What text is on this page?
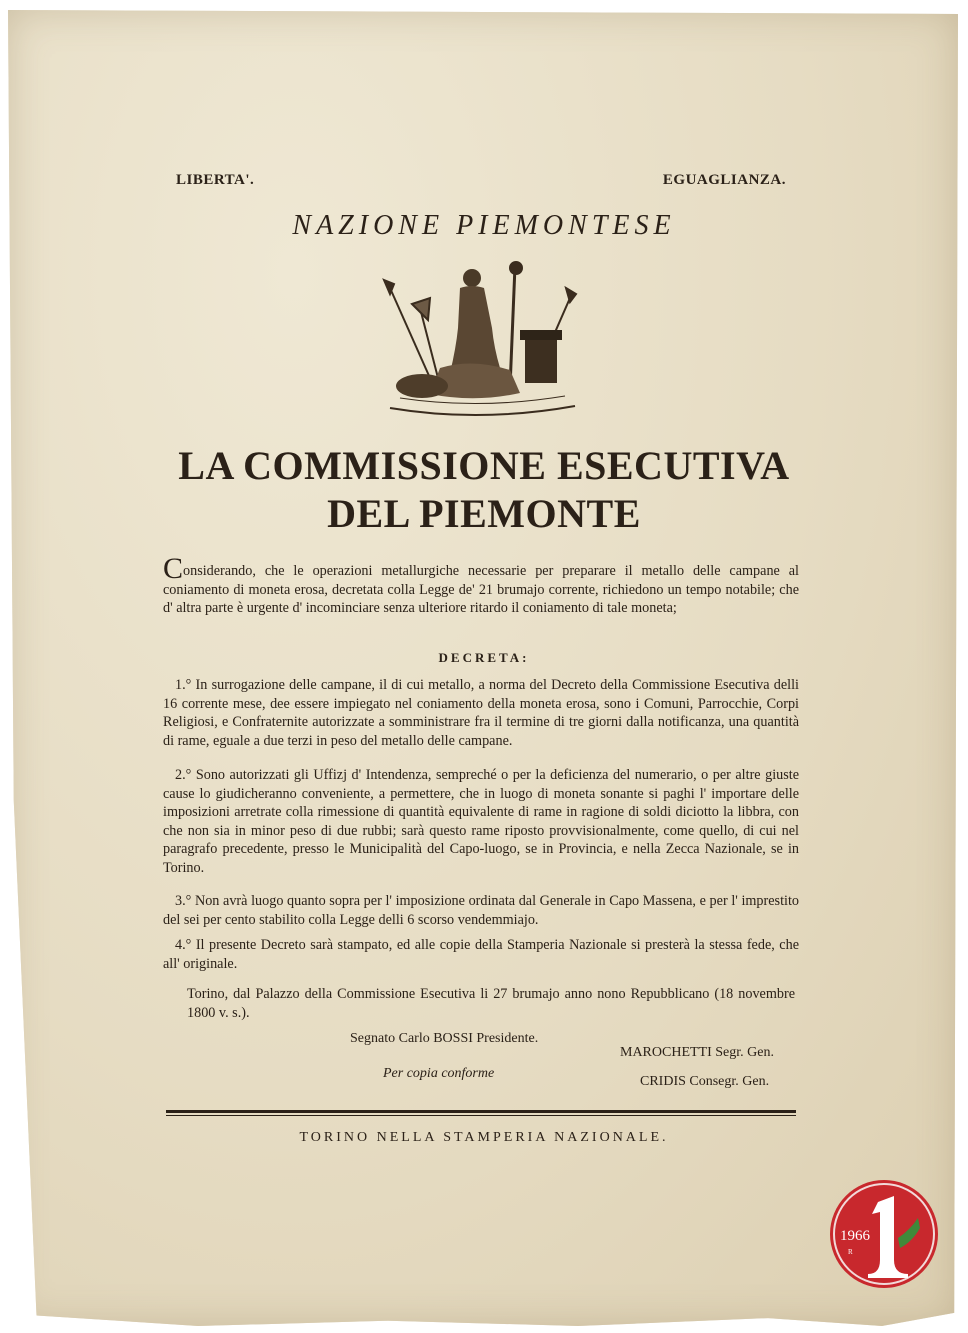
LIBERTA'.	EGUAGLIANZA.
NAZIONE PIEMONTESE
LA COMMISSIONE ESECUTIVA
DEL PIEMONTE
Considerando, che le operazioni metallurgiche necessarie per preparare il metallo delle campane al coniamento di moneta erosa, decretata colla Legge de' 21 brumajo corrente, richiedono un tempo notabile; che d' altra parte è urgente d' incominciare senza ulteriore ritardo il coniamento di tale moneta;
DECRETA:
1.° In surrogazione delle campane, il di cui metallo, a norma del Decreto della Commissione Esecutiva delli 16 corrente mese, dee essere impiegato nel coniamento della moneta erosa, sono i Comuni, Parrocchie, Corpi Religiosi, e Confraternite autorizzate a somministrare fra il termine di tre giorni dalla notificanza, una quantità di rame, eguale a due terzi in peso del metallo delle campane.
2.° Sono autorizzati gli Uffizj d' Intendenza, sempreché o per la deficienza del numerario, o per altre giuste cause lo giudicheranno conveniente, a permettere, che in luogo di moneta sonante si paghi l' importare delle imposizioni arretrate colla rimessione di quantità equivalente di rame in ragione di soldi diciotto la libbra, con che non sia in minor peso di due rubbi; sarà questo rame riposto provvisionalmente, come quello, di cui nel paragrafo precedente, presso le Municipalità del Capo-luogo, se in Provincia, e nella Zecca Nazionale, se in Torino.
3.° Non avrà luogo quanto sopra per l' imposizione ordinata dal Generale in Capo Massena, e per l' imprestito del sei per cento stabilito colla Legge delli 6 scorso vendemmiajo.
4.° Il presente Decreto sarà stampato, ed alle copie della Stamperia Nazionale si presterà la stessa fede, che all' originale.
Torino, dal Palazzo della Commissione Esecutiva li 27 brumajo anno nono Repubblicano (18 novembre 1800 v. s.).
Segnato Carlo BOSSI Presidente.
MAROCHETTI Segr. Gen.
Per copia conforme
CRIDIS Consegr. Gen.
TORINO NELLA STAMPERIA NAZIONALE.
1966
R
